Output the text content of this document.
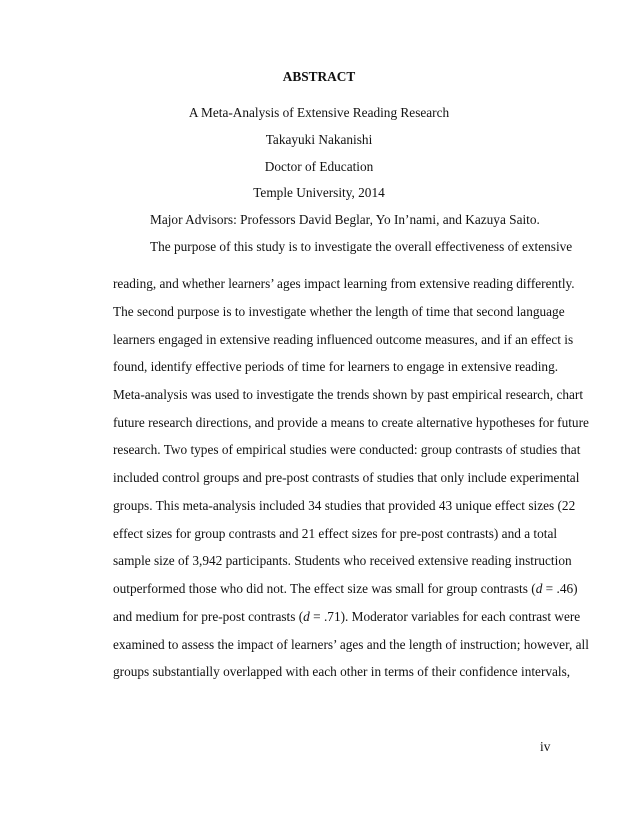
ABSTRACT
A Meta-Analysis of Extensive Reading Research
Takayuki Nakanishi
Doctor of Education
Temple University, 2014
Major Advisors: Professors David Beglar, Yo In’nami, and Kazuya Saito.
The purpose of this study is to investigate the overall effectiveness of extensive
reading, and whether learners’ ages impact learning from extensive reading differently.
The second purpose is to investigate whether the length of time that second language
learners engaged in extensive reading influenced outcome measures, and if an effect is
found, identify effective periods of time for learners to engage in extensive reading.
Meta-analysis was used to investigate the trends shown by past empirical research, chart
future research directions, and provide a means to create alternative hypotheses for future
research. Two types of empirical studies were conducted: group contrasts of studies that
included control groups and pre-post contrasts of studies that only include experimental
groups. This meta-analysis included 34 studies that provided 43 unique effect sizes (22
effect sizes for group contrasts and 21 effect sizes for pre-post contrasts) and a total
sample size of 3,942 participants. Students who received extensive reading instruction
outperformed those who did not. The effect size was small for group contrasts (d = .46)
and medium for pre-post contrasts (d = .71). Moderator variables for each contrast were
examined to assess the impact of learners’ ages and the length of instruction; however, all
groups substantially overlapped with each other in terms of their confidence intervals,
iv
